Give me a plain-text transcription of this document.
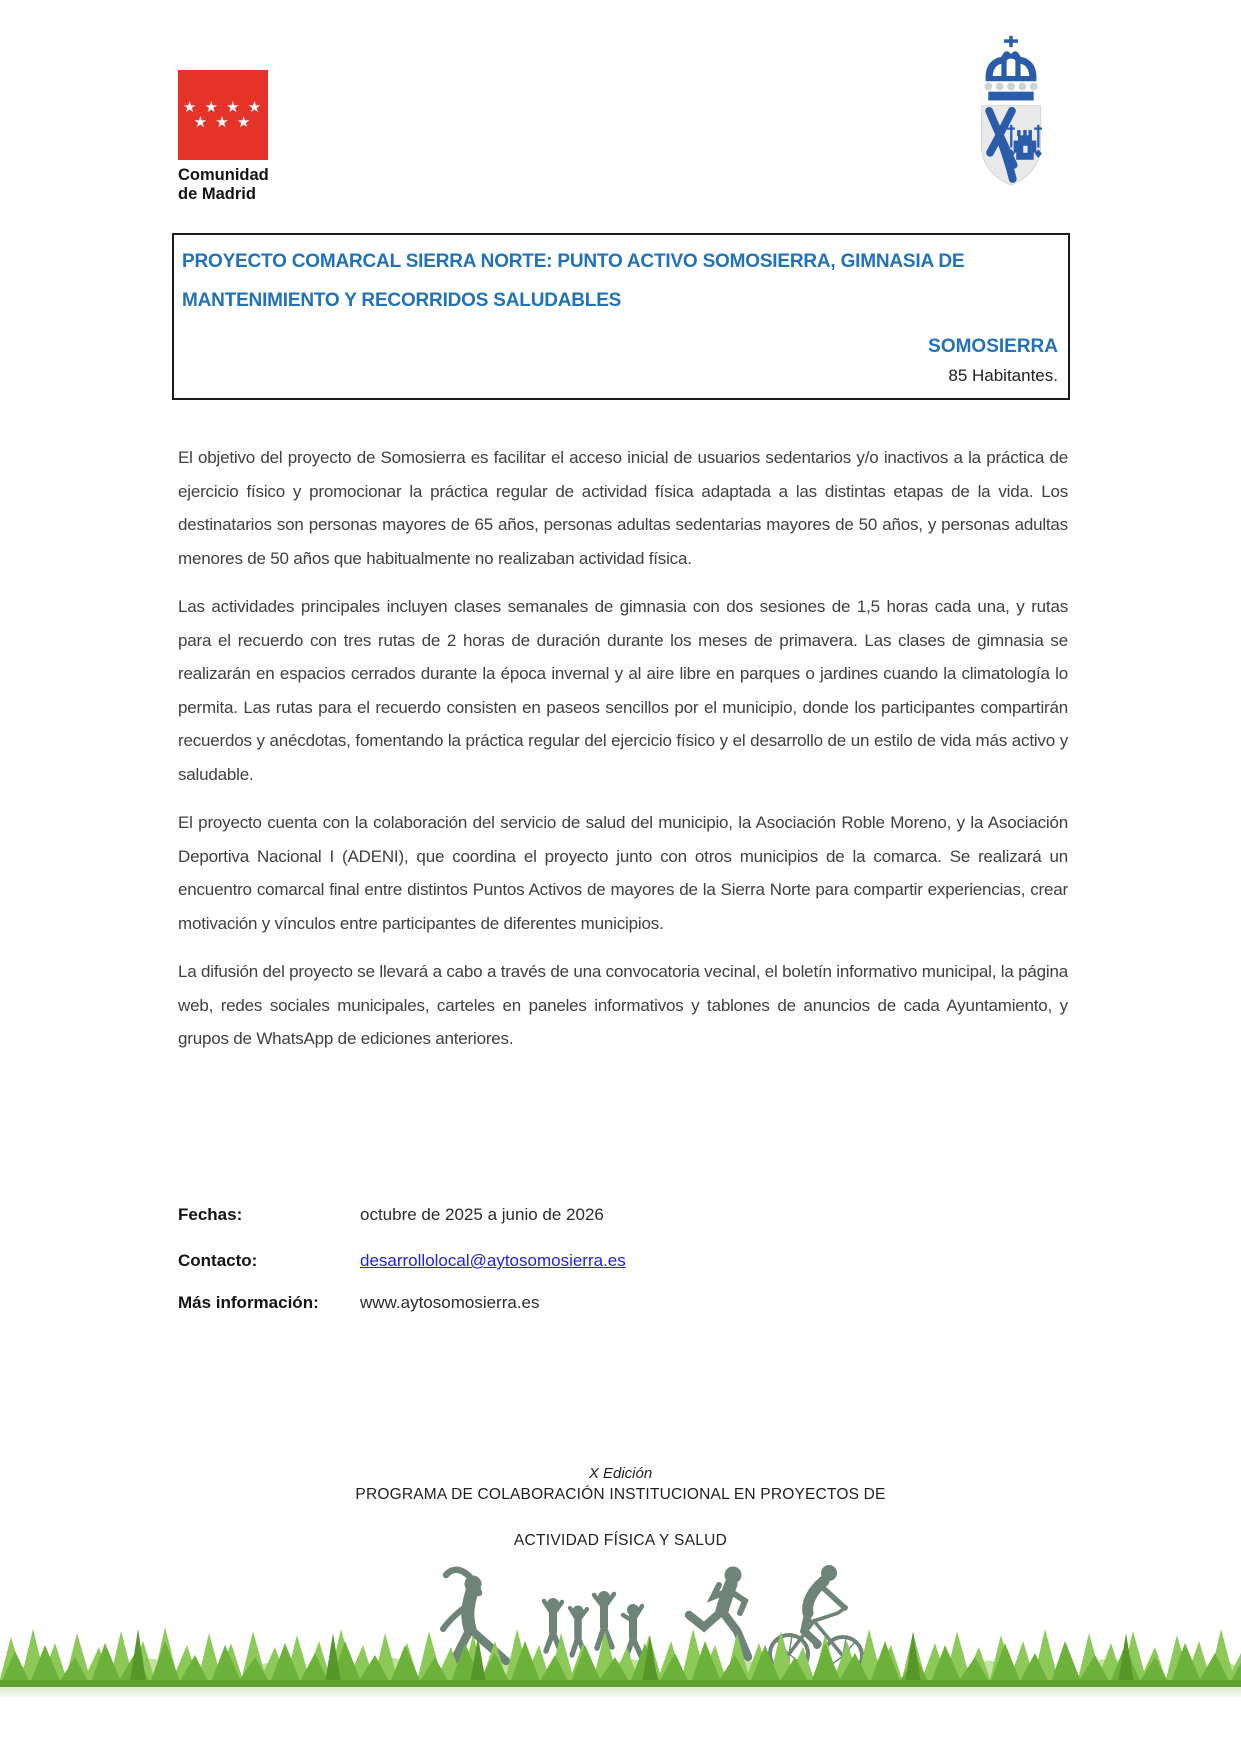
★ ★ ★ ★
★ ★ ★
Comunidad
de Madrid
PROYECTO COMARCAL SIERRA NORTE: PUNTO ACTIVO SOMOSIERRA, GIMNASIA DE MANTENIMIENTO Y RECORRIDOS SALUDABLES
SOMOSIERRA
85 Habitantes.

El objetivo del proyecto de Somosierra es facilitar el acceso inicial de usuarios sedentarios y/o inactivos a la práctica de ejercicio físico y promocionar la práctica regular de actividad física adaptada a las distintas etapas de la vida. Los destinatarios son personas mayores de 65 años, personas adultas sedentarias mayores de 50 años, y personas adultas menores de 50 años que habitualmente no realizaban actividad física.

Las actividades principales incluyen clases semanales de gimnasia con dos sesiones de 1,5 horas cada una, y rutas para el recuerdo con tres rutas de 2 horas de duración durante los meses de primavera. Las clases de gimnasia se realizarán en espacios cerrados durante la época invernal y al aire libre en parques o jardines cuando la climatología lo permita. Las rutas para el recuerdo consisten en paseos sencillos por el municipio, donde los participantes compartirán recuerdos y anécdotas, fomentando la práctica regular del ejercicio físico y el desarrollo de un estilo de vida más activo y saludable.

El proyecto cuenta con la colaboración del servicio de salud del municipio, la Asociación Roble Moreno, y la Asociación Deportiva Nacional I (ADENI), que coordina el proyecto junto con otros municipios de la comarca. Se realizará un encuentro comarcal final entre distintos Puntos Activos de mayores de la Sierra Norte para compartir experiencias, crear motivación y vínculos entre participantes de diferentes municipios.

La difusión del proyecto se llevará a cabo a través de una convocatoria vecinal, el boletín informativo municipal, la página web, redes sociales municipales, carteles en paneles informativos y tablones de anuncios de cada Ayuntamiento, y grupos de WhatsApp de ediciones anteriores.

Fechas:	octubre de 2025 a junio de 2026
Contacto:	desarrollolocal@aytosomosierra.es
Más información:	www.aytosomosierra.es
X Edición
PROGRAMA DE COLABORACIÓN INSTITUCIONAL EN PROYECTOS DE
ACTIVIDAD FÍSICA Y SALUD
